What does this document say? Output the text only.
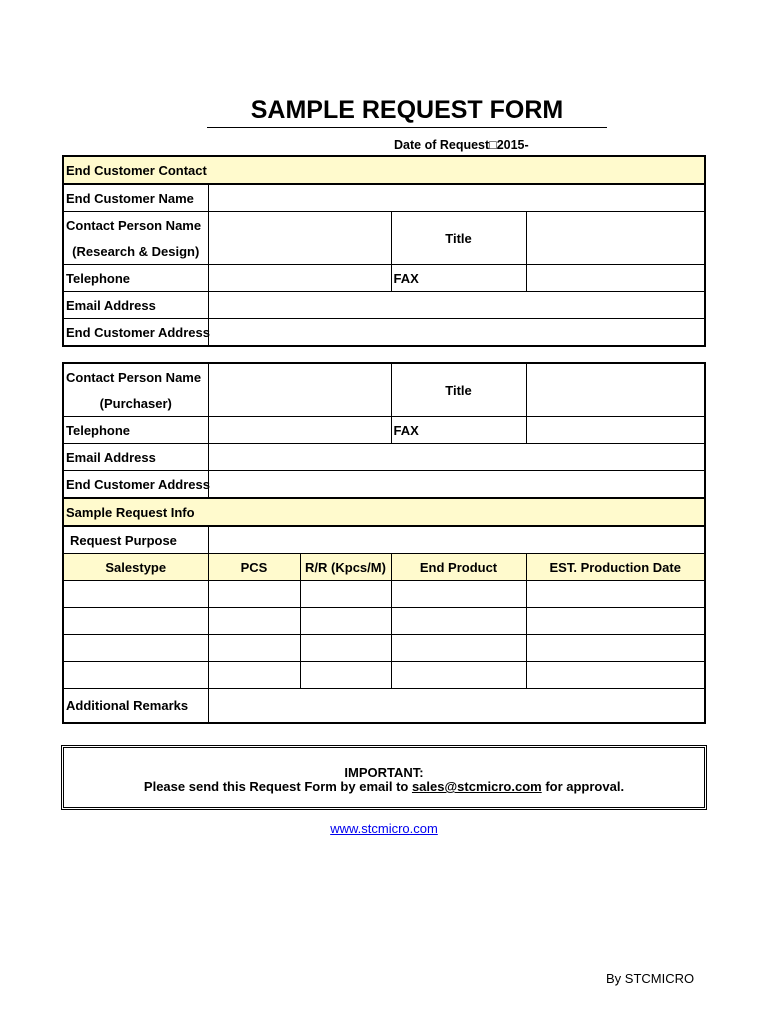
SAMPLE REQUEST FORM
Date of Request□2015-
End Customer Contact			
End Customer Name			
Contact Person Name		Title	
(Research & Design)			
Telephone		FAX	
Email Address			
End Customer Address			
Contact Person Name			Title	
(Purchaser)				
Telephone			FAX	
Email Address				
End Customer Address				
Sample Request Info				
Request Purpose				
Salestype	PCS	R/R (Kpcs/M)	End Product	EST. Production Date

Additional Remarks				
IMPORTANT:
Please send this Request Form by email to sales@stcmicro.com for approval.
www.stcmicro.com
By STCMICRO
